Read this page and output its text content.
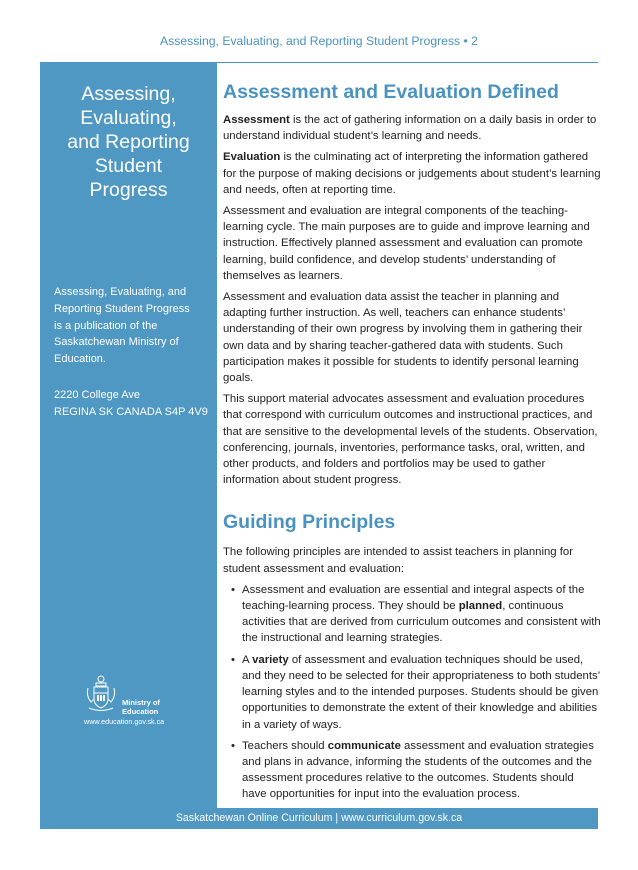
Assessing, Evaluating, and Reporting Student Progress • 2
Assessing,
Evaluating,
and Reporting
Student
Progress
Assessing, Evaluating, and
Reporting Student Progress
is a publication of the
Saskatchewan Ministry of
Education.
2220 College Ave
REGINA SK CANADA S4P 4V9
Ministry of
Education
www.education.gov.sk.ca
Assessment and Evaluation Defined

Assessment is the act of gathering information on a daily basis in order to understand individual student’s learning and needs.

Evaluation is the culminating act of interpreting the information gathered for the purpose of making decisions or judgements about student’s learning and needs, often at reporting time.

Assessment and evaluation are integral components of the teaching-learning cycle. The main purposes are to guide and improve learning and instruction. Effectively planned assessment and evaluation can promote learning, build confidence, and develop students’ understanding of themselves as learners.

Assessment and evaluation data assist the teacher in planning and adapting further instruction. As well, teachers can enhance students’ understanding of their own progress by involving them in gathering their own data and by sharing teacher-gathered data with students. Such participation makes it possible for students to identify personal learning goals.

This support material advocates assessment and evaluation procedures that correspond with curriculum outcomes and instructional practices, and that are sensitive to the developmental levels of the students. Observation, conferencing, journals, inventories, performance tasks, oral, written, and other products, and folders and portfolios may be used to gather information about student progress.

Guiding Principles

The following principles are intended to assist teachers in planning for student assessment and evaluation:

• Assessment and evaluation are essential and integral aspects of the teaching-learning process. They should be planned, continuous activities that are derived from curriculum outcomes and consistent with the instructional and learning strategies.
• A variety of assessment and evaluation techniques should be used, and they need to be selected for their appropriateness to both students’ learning styles and to the intended purposes. Students should be given opportunities to demonstrate the extent of their knowledge and abilities in a variety of ways.
• Teachers should communicate assessment and evaluation strategies and plans in advance, informing the students of the outcomes and the assessment procedures relative to the outcomes. Students should have opportunities for input into the evaluation process.
Saskatchewan Online Curriculum | www.curriculum.gov.sk.ca
